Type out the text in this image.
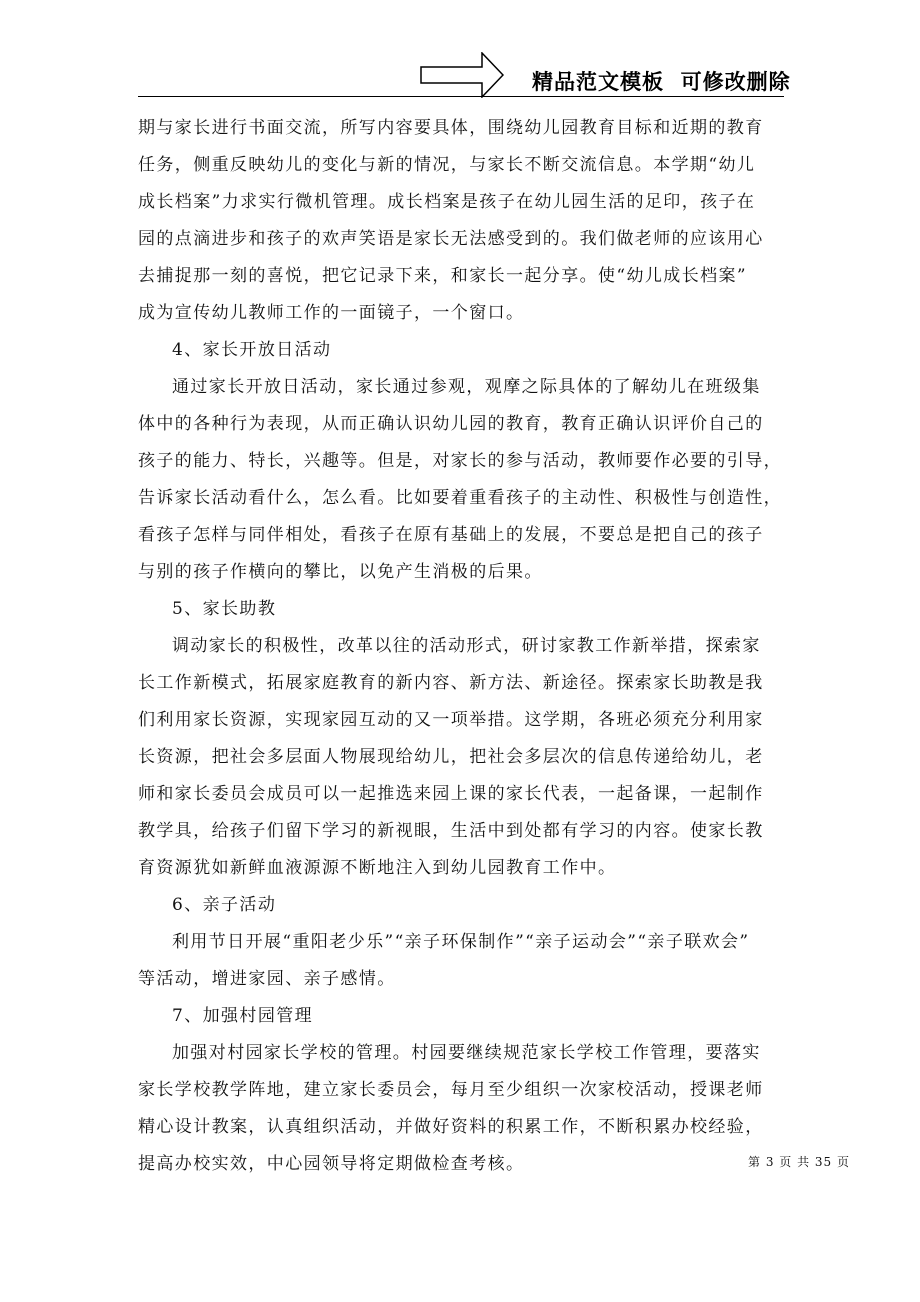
精品范文模板  可修改删除
期与家长进行书面交流，所写内容要具体，围绕幼儿园教育目标和近期的教育
任务，侧重反映幼儿的变化与新的情况，与家长不断交流信息。本学期“幼儿
成长档案”力求实行微机管理。成长档案是孩子在幼儿园生活的足印，孩子在
园的点滴进步和孩子的欢声笑语是家长无法感受到的。我们做老师的应该用心
去捕捉那一刻的喜悦，把它记录下来，和家长一起分享。使“幼儿成长档案”
成为宣传幼儿教师工作的一面镜子，一个窗口。
4、家长开放日活动
通过家长开放日活动，家长通过参观，观摩之际具体的了解幼儿在班级集
体中的各种行为表现，从而正确认识幼儿园的教育，教育正确认识评价自己的
孩子的能力、特长，兴趣等。但是，对家长的参与活动，教师要作必要的引导，
告诉家长活动看什么，怎么看。比如要着重看孩子的主动性、积极性与创造性，
看孩子怎样与同伴相处，看孩子在原有基础上的发展，不要总是把自己的孩子
与别的孩子作横向的攀比，以免产生消极的后果。
5、家长助教
调动家长的积极性，改革以往的活动形式，研讨家教工作新举措，探索家
长工作新模式，拓展家庭教育的新内容、新方法、新途径。探索家长助教是我
们利用家长资源，实现家园互动的又一项举措。这学期，各班必须充分利用家
长资源，把社会多层面人物展现给幼儿，把社会多层次的信息传递给幼儿，老
师和家长委员会成员可以一起推选来园上课的家长代表，一起备课，一起制作
教学具，给孩子们留下学习的新视眼，生活中到处都有学习的内容。使家长教
育资源犹如新鲜血液源源不断地注入到幼儿园教育工作中。
6、亲子活动
利用节日开展“重阳老少乐”“亲子环保制作”“亲子运动会”“亲子联欢会”
等活动，增进家园、亲子感情。
7、加强村园管理
加强对村园家长学校的管理。村园要继续规范家长学校工作管理，要落实
家长学校教学阵地，建立家长委员会，每月至少组织一次家校活动，授课老师
精心设计教案，认真组织活动，并做好资料的积累工作，不断积累办校经验，
提高办校实效，中心园领导将定期做检查考核。	第 3 页 共 35 页
